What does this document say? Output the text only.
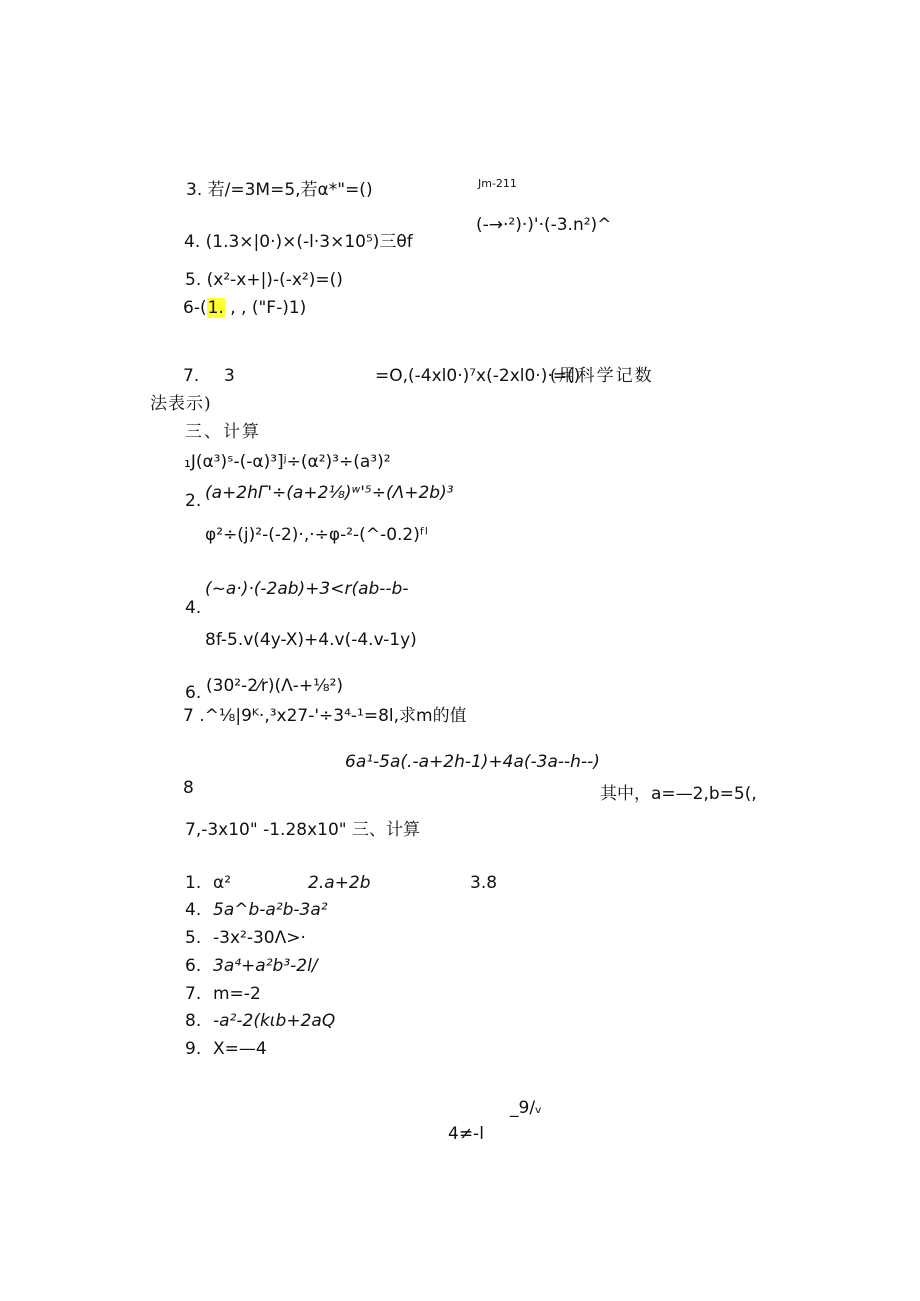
Jm-211
3. 若/=3M=5,若α*"=()
(-→·²)·)'·(-3.n²)^
4. (1.3×|0·)×(-l·3×10⁵)三θf
5. (x²-x+|)-(-x²)=()
6-(1. , , ("F-)1)
7. 3	=O,(-4xl0·)⁷x(-2xl0·)·=()
(用科学记数
法表示)
三、计算
₁J(α³)ˢ-(-α)³]ʲ÷(α²)³÷(a³)²
2. (a+2hΓ'÷(a+2⅛)ʷ'⁵÷(Λ+2b)³
φ²÷(j)²-(-2)·,·÷φ-²-(^-0.2)ᶠˡ
(~a·)·(-2ab)+3<r(ab--b-
4.
8f-5.v(4y-X)+4.v(-4.v-1y)
6. (30²-2⁄r)(Λ-+⅛²)
7 .^⅛|9ᴷ·,³x27-'÷3⁴-¹=8l,求m的值
6a¹-5a(.-a+2h-1)+4a(-3a--h--)
8	其中，a=—2,b=5(,
7,-3x10" -1.28x10" 三、计算
1. α²	2.a+2b	3.8
4. 5a^b-a²b-3a²
5. -3x²-30Λ>·
6. 3a⁴+a²b³-2l/
7. m=-2
8. -a²-2(kιb+2aQ
9. X=—4
_9/ᵥ
4≠-l
